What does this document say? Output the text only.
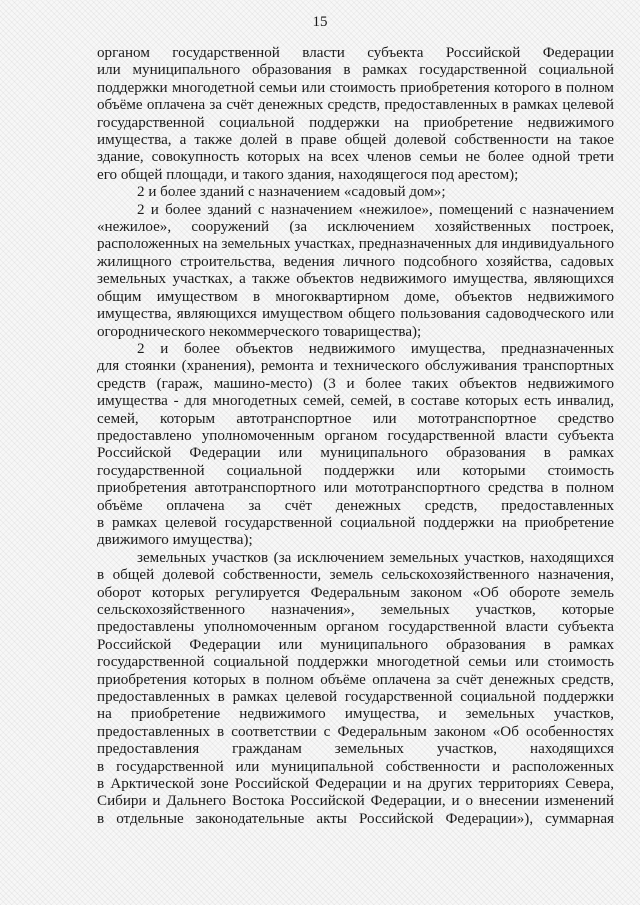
15

органом государственной власти субъекта Российской Федерации

или муниципального образования в рамках государственной социальной

поддержки многодетной семьи или стоимость приобретения которого в полном

объёме оплачена за счёт денежных средств, предоставленных в рамках целевой

государственной социальной поддержки на приобретение недвижимого

имущества, а также долей в праве общей долевой собственности на такое

здание, совокупность которых на всех членов семьи не более одной трети

его общей площади, и такого здания, находящегося под арестом);

2 и более зданий с назначением «садовый дом»;

2 и более зданий с назначением «нежилое», помещений с назначением

«нежилое», сооружений (за исключением хозяйственных построек,

расположенных на земельных участках, предназначенных для индивидуального

жилищного строительства, ведения личного подсобного хозяйства, садовых

земельных участках, а также объектов недвижимого имущества, являющихся

общим имуществом в многоквартирном доме, объектов недвижимого

имущества, являющихся имуществом общего пользования садоводческого или

огороднического некоммерческого товарищества);

2 и более объектов недвижимого имущества, предназначенных

для стоянки (хранения), ремонта и технического обслуживания транспортных

средств (гараж, машино-место) (3 и более таких объектов недвижимого

имущества - для многодетных семей, семей, в составе которых есть инвалид,

семей, которым автотранспортное или мототранспортное средство

предоставлено уполномоченным органом государственной власти субъекта

Российской Федерации или муниципального образования в рамках

государственной социальной поддержки или которыми стоимость

приобретения автотранспортного или мототранспортного средства в полном

объёме оплачена за счёт денежных средств, предоставленных

в рамках целевой государственной социальной поддержки на приобретение

движимого имущества);

земельных участков (за исключением земельных участков, находящихся

в общей долевой собственности, земель сельскохозяйственного назначения,

оборот которых регулируется Федеральным законом «Об обороте земель

сельскохозяйственного назначения», земельных участков, которые

предоставлены уполномоченным органом государственной власти субъекта

Российской Федерации или муниципального образования в рамках

государственной социальной поддержки многодетной семьи или стоимость

приобретения которых в полном объёме оплачена за счёт денежных средств,

предоставленных в рамках целевой государственной социальной поддержки

на приобретение недвижимого имущества, и земельных участков,

предоставленных в соответствии с Федеральным законом «Об особенностях

предоставления гражданам земельных участков, находящихся

в государственной или муниципальной собственности и расположенных

в Арктической зоне Российской Федерации и на других территориях Севера,

Сибири и Дальнего Востока Российской Федерации, и о внесении изменений

в отдельные законодательные акты Российской Федерации»), суммарная
